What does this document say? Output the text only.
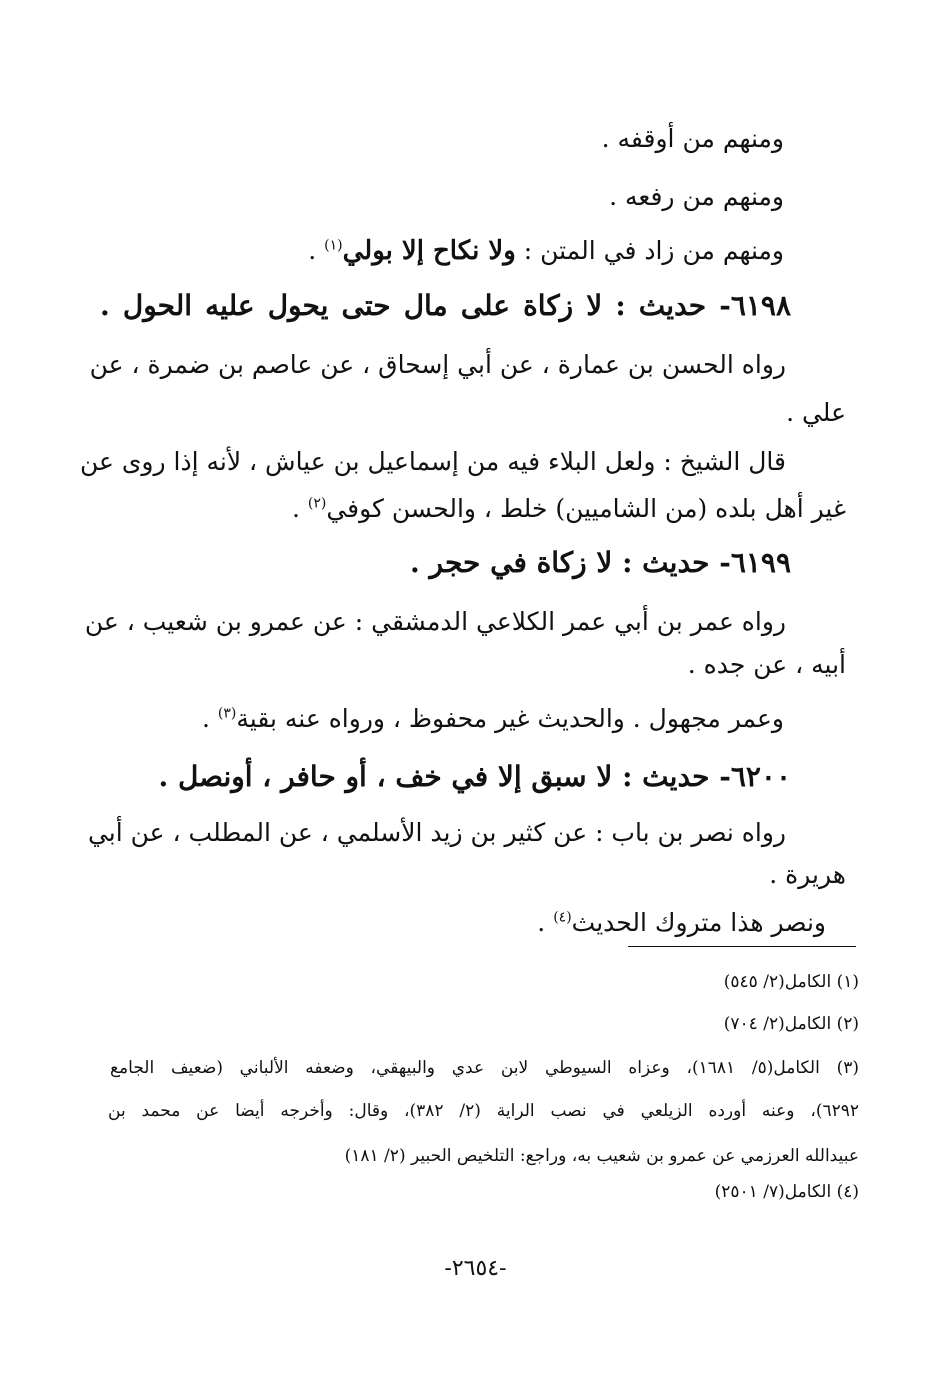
ومنهم من أوقفه .

ومنهم من رفعه .

ومنهم من زاد في المتن : ولا نكاح إلا بولي$^{(١)}$ .

٦١٩٨- حديث : لا زكاة على مال حتى يحول عليه الحول .

رواه الحسن بن عمارة ، عن أبي إسحاق ، عن عاصم بن ضمرة ، عن

علي .

قال الشيخ : ولعل البلاء فيه من إسماعيل بن عياش ، لأنه إذا روى عن

غير أهل بلده (من الشاميين) خلط ، والحسن كوفي$^{(٢)}$ .

٦١٩٩- حديث : لا زكاة في حجر .

رواه عمر بن أبي عمر الكلاعي الدمشقي : عن عمرو بن شعيب ، عن

أبيه ، عن جده .

وعمر مجهول . والحديث غير محفوظ ، ورواه عنه بقية$^{(٣)}$ .

٦٢٠٠- حديث : لا سبق إلا في خف ، أو حافر ، أونصل .

رواه نصر بن باب : عن كثير بن زيد الأسلمي ، عن المطلب ، عن أبي

هريرة .

ونصر هذا متروك الحديث$^{(٤)}$ .

(١) الكامل(٢/ ٥٤٥)

(٢) الكامل(٢/ ٧٠٤)

(٣) الكامل(٥/ ١٦٨١)، وعزاه السيوطي لابن عدي والبيهقي، وضعفه الألباني (ضعيف الجامع

٦٢٩٢)، وعنه أورده الزيلعي في نصب الراية (٢/ ٣٨٢)، وقال: وأخرجه أيضا عن محمد بن

عبيدالله العرزمي عن عمرو بن شعيب به، وراجع: التلخيص الحبير (٢/ ١٨١)

(٤) الكامل(٧/ ٢٥٠١)

-٢٦٥٤-
